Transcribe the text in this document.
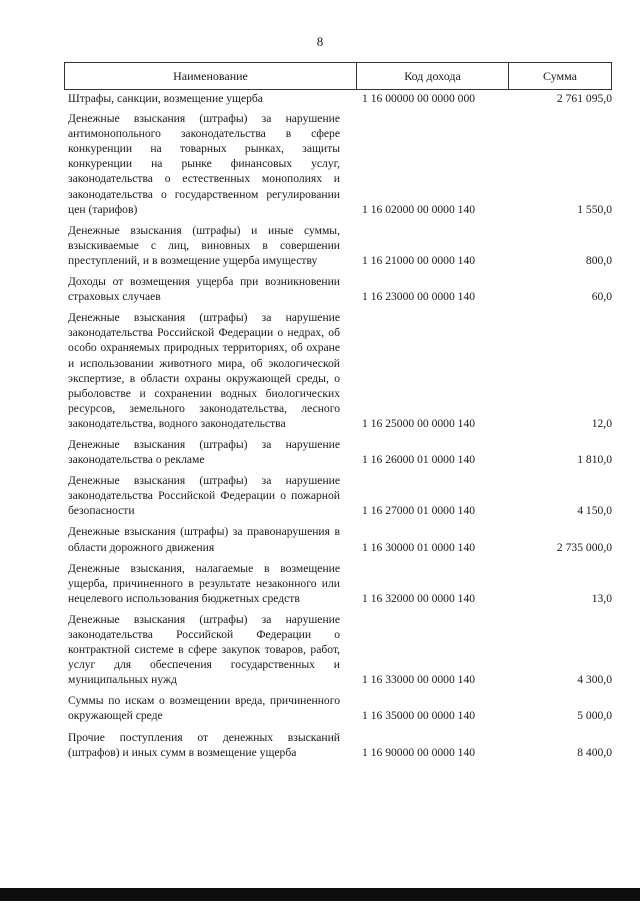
8
Наименование	Код дохода	Сумма
Штрафы, санкции, возмещение ущерба	1 16 00000 00 0000 000	2 761 095,0
Денежные взыскания (штрафы) за нарушение антимонопольного законодательства в сфере конкуренции на товарных рынках, защиты конкуренции на рынке финансовых услуг, законодательства о естественных монополиях и законодательства о государственном регулировании цен (тарифов)	1 16 02000 00 0000 140	1 550,0
Денежные взыскания (штрафы) и иные суммы, взыскиваемые с лиц, виновных в совершении преступлений, и в возмещение ущерба имуществу	1 16 21000 00 0000 140	800,0
Доходы от возмещения ущерба при возникновении страховых случаев	1 16 23000 00 0000 140	60,0
Денежные взыскания (штрафы) за нарушение законодательства Российской Федерации о недрах, об особо охраняемых природных территориях, об охране и использовании животного мира, об экологической экспертизе, в области охраны окружающей среды, о рыболовстве и сохранении водных биологических ресурсов, земельного законодательства, лесного законодательства, водного законодательства	1 16 25000 00 0000 140	12,0
Денежные взыскания (штрафы) за нарушение законодательства о рекламе	1 16 26000 01 0000 140	1 810,0
Денежные взыскания (штрафы) за нарушение законодательства Российской Федерации о пожарной безопасности	1 16 27000 01 0000 140	4 150,0
Денежные взыскания (штрафы) за правонарушения в области дорожного движения	1 16 30000 01 0000 140	2 735 000,0
Денежные взыскания, налагаемые в возмещение ущерба, причиненного в результате незаконного или нецелевого использования бюджетных средств	1 16 32000 00 0000 140	13,0
Денежные взыскания (штрафы) за нарушение законодательства Российской Федерации о контрактной системе в сфере закупок товаров, работ, услуг для обеспечения государственных и муниципальных нужд	1 16 33000 00 0000 140	4 300,0
Суммы по искам о возмещении вреда, причиненного окружающей среде	1 16 35000 00 0000 140	5 000,0
Прочие поступления от денежных взысканий (штрафов) и иных сумм в возмещение ущерба	1 16 90000 00 0000 140	8 400,0
